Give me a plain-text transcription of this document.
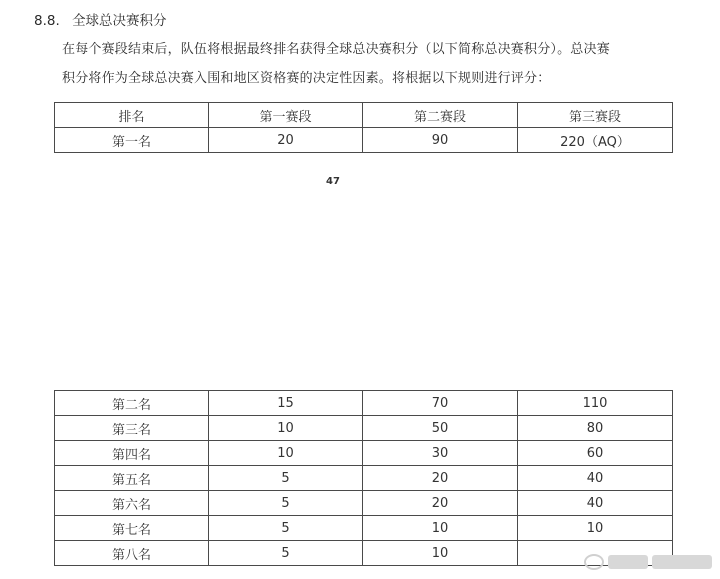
8.8. 全球总决赛积分
在每个赛段结束后，队伍将根据最终排名获得全球总决赛积分（以下简称总决赛积分）。总决赛
积分将作为全球总决赛入围和地区资格赛的决定性因素。将根据以下规则进行评分：
排名	第一赛段	第二赛段	第三赛段
第一名	20	90	220（AQ）
47
第二名	15	70	110
第三名	10	50	80
第四名	10	30	60
第五名	5	20	40
第六名	5	20	40
第七名	5	10	10
第八名	5	10	
